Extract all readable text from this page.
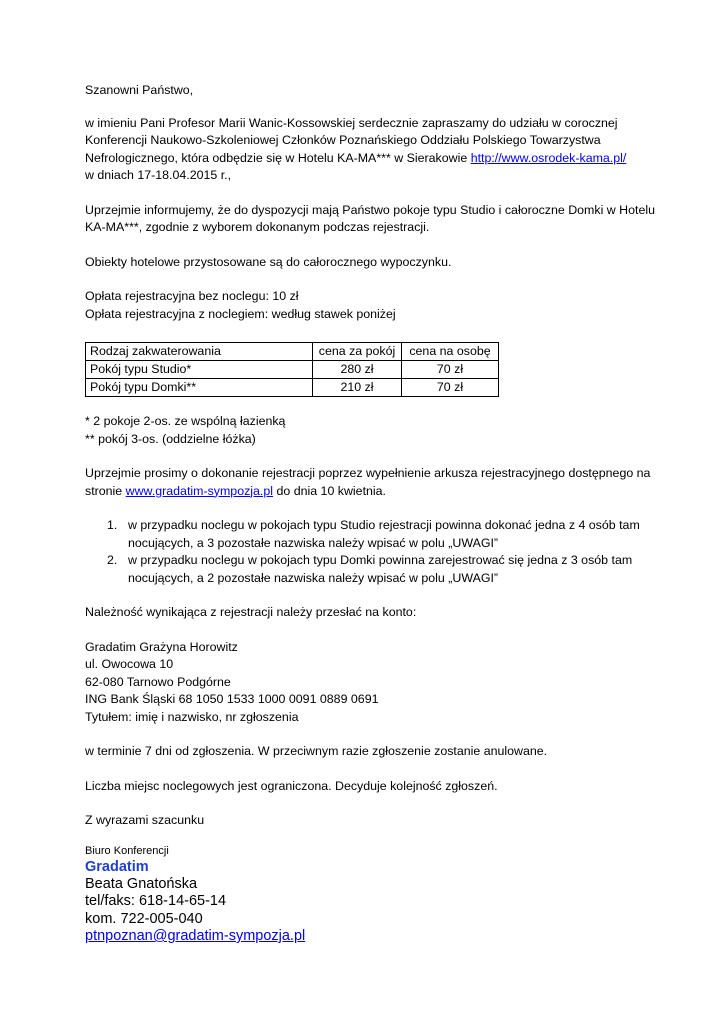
Szanowni Państwo,

w imieniu Pani Profesor Marii Wanic-Kossowskiej serdecznie zapraszamy do udziału w corocznej Konferencji Naukowo-Szkoleniowej Członków Poznańskiego Oddziału Polskiego Towarzystwa Nefrologicznego, która odbędzie się w Hotelu KA-MA*** w Sierakowie http://www.osrodek-kama.pl/
w dniach 17-18.04.2015 r.,

Uprzejmie informujemy, że do dyspozycji mają Państwo pokoje typu Studio i całoroczne Domki w Hotelu KA-MA***, zgodnie z wyborem dokonanym podczas rejestracji.

Obiekty hotelowe przystosowane są do całorocznego wypoczynku.

Opłata rejestracyjna bez noclegu: 10 zł

Opłata rejestracyjna z noclegiem: według stawek poniżej

Rodzaj zakwaterowania	cena za pokój	cena na osobę
Pokój typu Studio*	280 zł	70 zł
Pokój typu Domki**	210 zł	70 zł

* 2 pokoje 2-os. ze wspólną łazienką

** pokój 3-os. (oddzielne łóżka)

Uprzejmie prosimy o dokonanie rejestracji poprzez wypełnienie arkusza rejestracyjnego dostępnego na stronie www.gradatim-sympozja.pl do dnia 10 kwietnia.

1. w przypadku noclegu w pokojach typu Studio rejestracji powinna dokonać jedna z 4 osób tam nocujących, a 3 pozostałe nazwiska należy wpisać w polu „UWAGI”
2. w przypadku noclegu w pokojach typu Domki powinna zarejestrować się jedna z 3 osób tam nocujących, a 2 pozostałe nazwiska należy wpisać w polu „UWAGI”

Należność wynikająca z rejestracji należy przesłać na konto:

Gradatim Grażyna Horowitz

ul. Owocowa 10

62-080 Tarnowo Podgórne

ING Bank Śląski 68 1050 1533 1000 0091 0889 0691

Tytułem: imię i nazwisko, nr zgłoszenia

w terminie 7 dni od zgłoszenia. W przeciwnym razie zgłoszenie zostanie anulowane.

Liczba miejsc noclegowych jest ograniczona. Decyduje kolejność zgłoszeń.

Z wyrazami szacunku

Biuro Konferencji

Gradatim

Beata Gnatońska

tel/faks: 618-14-65-14

kom. 722-005-040

ptnpoznan@gradatim-sympozja.pl
